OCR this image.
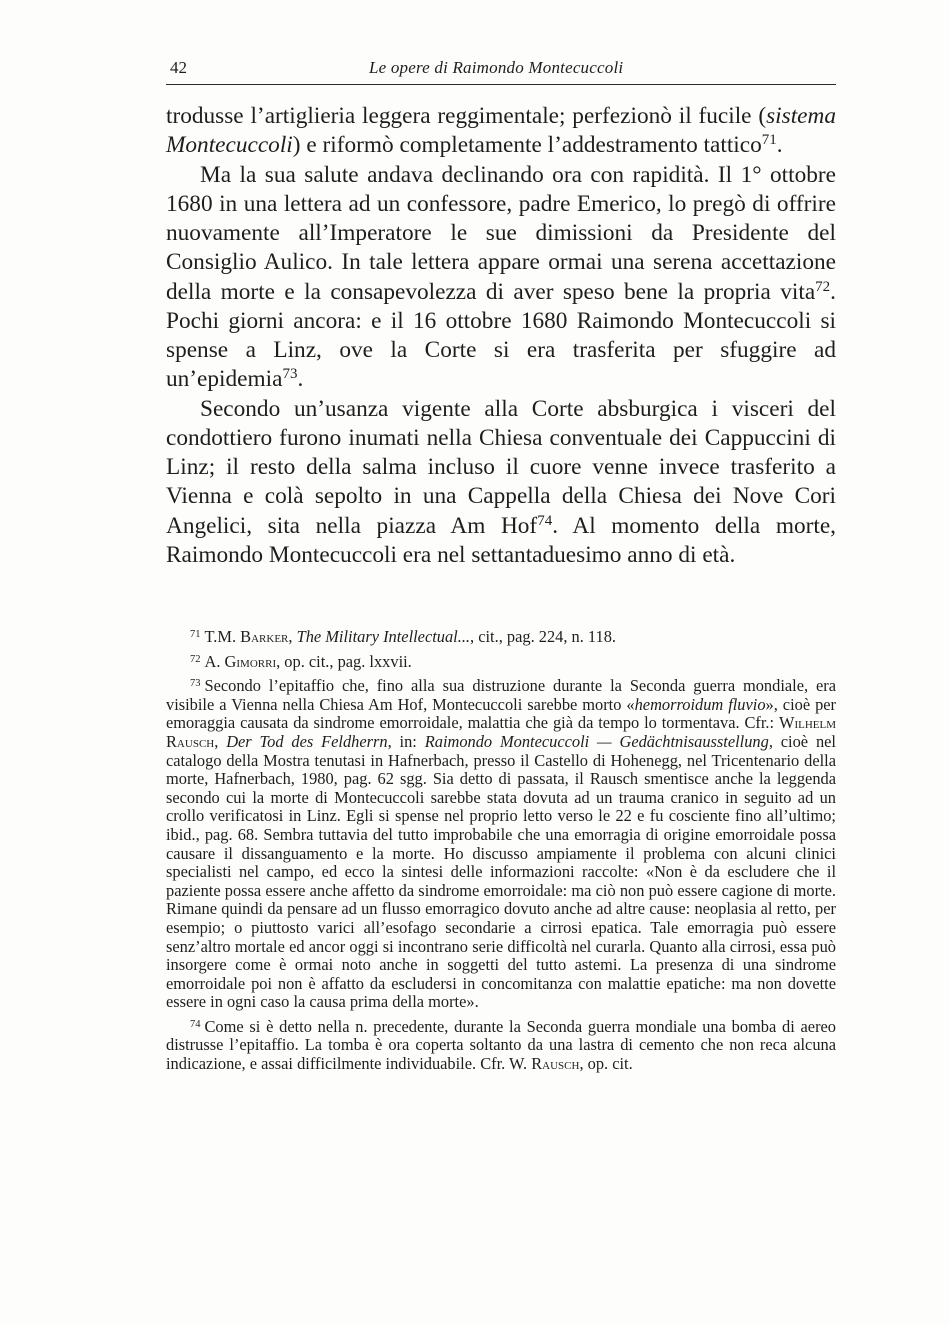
42	Le opere di Raimondo Montecuccoli

trodusse l’artiglieria leggera reggimentale; perfezionò il fucile (sistema Montecuccoli) e riformò completamente l’addestramento tattico$^{71}$.

Ma la sua salute andava declinando ora con rapidità. Il 1° ottobre 1680 in una lettera ad un confessore, padre Emerico, lo pregò di offrire nuovamente all’Imperatore le sue dimissioni da Presidente del Consiglio Aulico. In tale lettera appare ormai una serena accettazione della morte e la consapevolezza di aver speso bene la propria vita$^{72}$. Pochi giorni ancora: e il 16 ottobre 1680 Raimondo Montecuccoli si spense a Linz, ove la Corte si era trasferita per sfuggire ad un’epidemia$^{73}$.

Secondo un’usanza vigente alla Corte absburgica i visceri del condottiero furono inumati nella Chiesa conventuale dei Cappuccini di Linz; il resto della salma incluso il cuore venne invece trasferito a Vienna e colà sepolto in una Cappella della Chiesa dei Nove Cori Angelici, sita nella piazza Am Hof$^{74}$. Al momento della morte, Raimondo Montecuccoli era nel settantaduesimo anno di età.

$^{71}$ T.M. Barker, The Military Intellectual..., cit., pag. 224, n. 118.

$^{72}$ A. Gimorri, op. cit., pag. lxxvii.

$^{73}$ Secondo l’epitaffio che, fino alla sua distruzione durante la Seconda guerra mondiale, era visibile a Vienna nella Chiesa Am Hof, Montecuccoli sarebbe morto «hemorroidum fluvio», cioè per emoraggia causata da sindrome emorroidale, malattia che già da tempo lo tormentava. Cfr.: Wilhelm Rausch, Der Tod des Feldherrn, in: Raimondo Montecuccoli — Gedächtnisausstellung, cioè nel catalogo della Mostra tenutasi in Hafnerbach, presso il Castello di Hohenegg, nel Tricentenario della morte, Hafnerbach, 1980, pag. 62 sgg. Sia detto di passata, il Rausch smentisce anche la leggenda secondo cui la morte di Montecuccoli sarebbe stata dovuta ad un trauma cranico in seguito ad un crollo verificatosi in Linz. Egli si spense nel proprio letto verso le 22 e fu cosciente fino all’ultimo; ibid., pag. 68. Sembra tuttavia del tutto improbabile che una emorragia di origine emorroidale possa causare il dissanguamento e la morte. Ho discusso ampiamente il problema con alcuni clinici specialisti nel campo, ed ecco la sintesi delle informazioni raccolte: «Non è da escludere che il paziente possa essere anche affetto da sindrome emorroidale: ma ciò non può essere cagione di morte. Rimane quindi da pensare ad un flusso emorragico dovuto anche ad altre cause: neoplasia al retto, per esempio; o piuttosto varici all’esofago secondarie a cirrosi epatica. Tale emorragia può essere senz’altro mortale ed ancor oggi si incontrano serie difficoltà nel curarla. Quanto alla cirrosi, essa può insorgere come è ormai noto anche in soggetti del tutto astemi. La presenza di una sindrome emorroidale poi non è affatto da escludersi in concomitanza con malattie epatiche: ma non dovette essere in ogni caso la causa prima della morte».

$^{74}$ Come si è detto nella n. precedente, durante la Seconda guerra mondiale una bomba di aereo distrusse l’epitaffio. La tomba è ora coperta soltanto da una lastra di cemento che non reca alcuna indicazione, e assai difficilmente individuabile. Cfr. W. Rausch, op. cit.
